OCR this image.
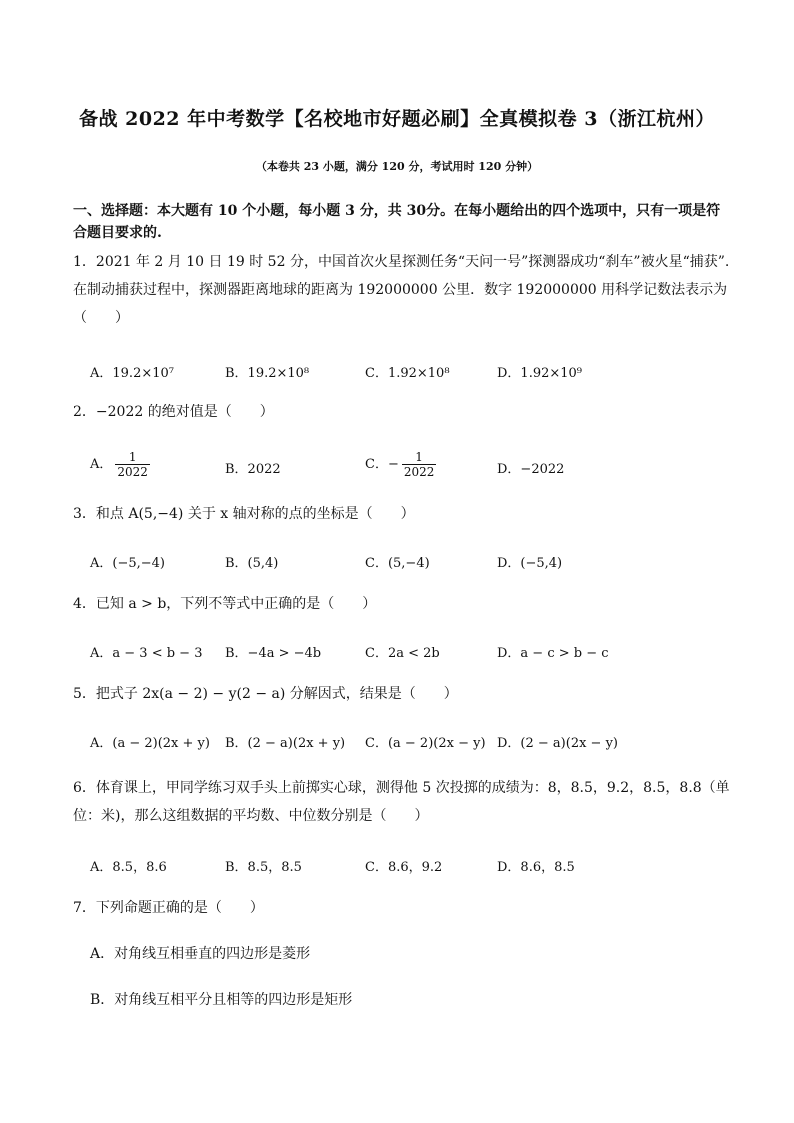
备战 2022 年中考数学【名校地市好题必刷】全真模拟卷 3（浙江杭州）
（本卷共 23 小题，满分 120 分，考试用时 120 分钟）
一、选择题：本大题有 10 个小题，每小题 3 分，共 30分。在每小题给出的四个选项中，只有一项是符合题目要求的.
1．2021 年 2 月 10 日 19 时 52 分，中国首次火星探测任务“天问一号”探测器成功“刹车”被火星“捕获”. 在制动捕获过程中，探测器距离地球的距离为 192000000 公里．数字 192000000 用科学记数法表示为（　　）
A．19.2×10⁷	B．19.2×10⁸	C．1.92×10⁸	D．1.92×10⁹
2．−2022 的绝对值是（　　）
A． $\frac{1}{2022}$	B．2022	C．− $\frac{1}{2022}$	D．−2022
3．和点 A(5,−4) 关于 x 轴对称的点的坐标是（　　）
A．(−5,−4)	B．(5,4)	C．(5,−4)	D．(−5,4)
4．已知 a > b，下列不等式中正确的是（　　）
A．a − 3 < b − 3 B．−4a > −4b	C．2a < 2b	D．a − c > b − c
5．把式子 2x(a − 2) − y(2 − a) 分解因式，结果是（　　）
A．(a − 2)(2x + y) B．(2 − a)(2x + y) C．(a − 2)(2x − y) D．(2 − a)(2x − y)
6．体育课上，甲同学练习双手头上前掷实心球，测得他 5 次投掷的成绩为：8，8.5，9.2，8.5，8.8（单位：米)，那么这组数据的平均数、中位数分别是（　　）
A．8.5，8.6	B．8.5，8.5	C．8.6，9.2	D．8.6，8.5
7．下列命题正确的是（　　）
A．对角线互相垂直的四边形是菱形
B．对角线互相平分且相等的四边形是矩形
